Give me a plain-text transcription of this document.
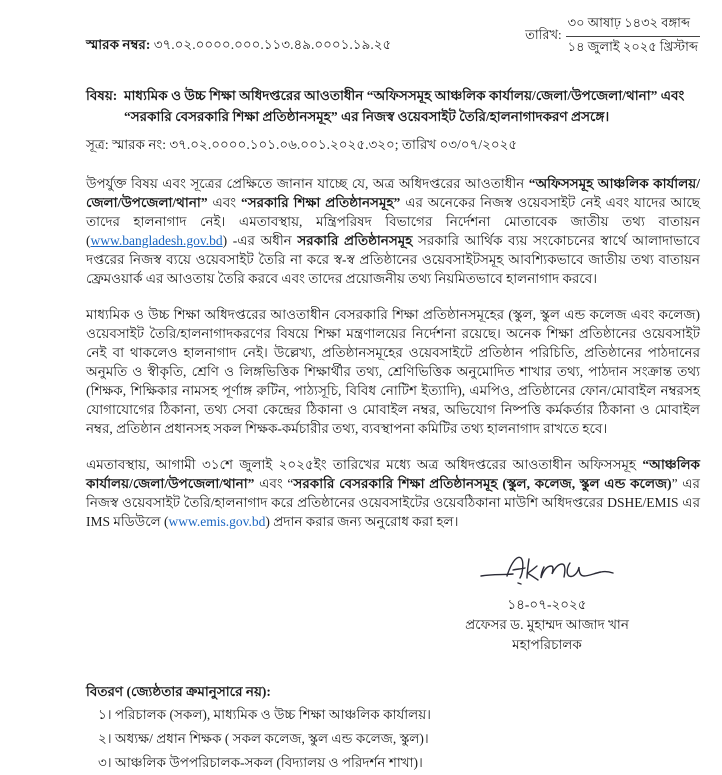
স্মারক নম্বর: ৩৭.০২.০০০০.০০০.১১৩.৪৯.০০০১.১৯.২৫
তারিখ:
৩০ আষাঢ় ১৪৩২ বঙ্গাব্দ
১৪ জুলাই ২০২৫ খ্রিস্টাব্দ
বিষয়: মাধ্যমিক ও উচ্চ শিক্ষা অধিদপ্তরের আওতাধীন “অফিসসমূহ আঞ্চলিক কার্যালয়/জেলা/উপজেলা/থানা” এবং “সরকারি বেসরকারি শিক্ষা প্রতিষ্ঠানসমূহ” এর নিজস্ব ওয়েবসাইট তৈরি/হালনাগাদকরণ প্রসঙ্গে।
সূত্র: স্মারক নং: ৩৭.০২.০০০০.১০১.০৬.০০১.২০২৫.৩২০; তারিখ ০৩/০৭/২০২৫
উপর্যুক্ত বিষয় এবং সূত্রের প্রেক্ষিতে জানান যাচ্ছে যে, অত্র অধিদপ্তরের আওতাধীন “অফিসসমূহ আঞ্চলিক কার্যালয়/জেলা/উপজেলা/থানা” এবং “সরকারি শিক্ষা প্রতিষ্ঠানসমূহ” এর অনেকের নিজস্ব ওয়েবসাইট নেই এবং যাদের আছে তাদের হালনাগাদ নেই। এমতাবস্থায়, মন্ত্রিপরিষদ বিভাগের নির্দেশনা মোতাবেক জাতীয় তথ্য বাতায়ন (www.bangladesh.gov.bd) -এর অধীন সরকারি প্রতিষ্ঠানসমূহ সরকারি আর্থিক ব্যয় সংকোচনের স্বার্থে আলাদাভাবে দপ্তরের নিজস্ব ব্যয়ে ওয়েবসাইট তৈরি না করে স্ব-স্ব প্রতিষ্ঠানের ওয়েবসাইটসমূহ আবশ্যিকভাবে জাতীয় তথ্য বাতায়ন ফ্রেমওয়ার্ক এর আওতায় তৈরি করবে এবং তাদের প্রয়োজনীয় তথ্য নিয়মিতভাবে হালনাগাদ করবে।
মাধ্যমিক ও উচ্চ শিক্ষা অধিদপ্তরের আওতাধীন বেসরকারি শিক্ষা প্রতিষ্ঠানসমূহের (স্কুল, স্কুল এন্ড কলেজ এবং কলেজ) ওয়েবসাইট তৈরি/হালনাগাদকরণের বিষয়ে শিক্ষা মন্ত্রণালয়ের নির্দেশনা রয়েছে। অনেক শিক্ষা প্রতিষ্ঠানের ওয়েবসাইট নেই বা থাকলেও হালনাগাদ নেই। উল্লেখ্য, প্রতিষ্ঠানসমূহের ওয়েবসাইটে প্রতিষ্ঠান পরিচিতি, প্রতিষ্ঠানের পাঠদানের অনুমতি ও স্বীকৃতি, শ্রেণি ও লিঙ্গভিত্তিক শিক্ষার্থীর তথ্য, শ্রেণিভিত্তিক অনুমোদিত শাখার তথ্য, পাঠদান সংক্রান্ত তথ্য (শিক্ষক, শিক্ষিকার নামসহ পূর্ণাঙ্গ রুটিন, পাঠ্যসূচি, বিবিধ নোটিশ ইত্যাদি), এমপিও, প্রতিষ্ঠানের ফোন/মোবাইল নম্বরসহ যোগাযোগের ঠিকানা, তথ্য সেবা কেন্দ্রের ঠিকানা ও মোবাইল নম্বর, অভিযোগ নিষ্পত্তি কর্মকর্তার ঠিকানা ও মোবাইল নম্বর, প্রতিষ্ঠান প্রধানসহ সকল শিক্ষক-কর্মচারীর তথ্য, ব্যবস্থাপনা কমিটির তথ্য হালনাগাদ রাখতে হবে।
এমতাবস্থায়, আগামী ৩১শে জুলাই ২০২৫ইং তারিখের মধ্যে অত্র অধিদপ্তরের আওতাধীন অফিসসমূহ “আঞ্চলিক কার্যালয়/জেলা/উপজেলা/থানা” এবং “সরকারি বেসরকারি শিক্ষা প্রতিষ্ঠানসমূহ (স্কুল, কলেজ, স্কুল এন্ড কলেজ)” এর নিজস্ব ওয়েবসাইট তৈরি/হালনাগাদ করে প্রতিষ্ঠানের ওয়েবসাইটের ওয়েবঠিকানা মাউশি অধিদপ্তরের DSHE/EMIS এর IMS মডিউলে (www.emis.gov.bd) প্রদান করার জন্য অনুরোধ করা হল।
১৪-০৭-২০২৫
প্রফেসর ড. মুহাম্মদ আজাদ খান
মহাপরিচালক
বিতরণ (জ্যেষ্ঠতার ক্রমানুসারে নয়):
১। পরিচালক (সকল), মাধ্যমিক ও উচ্চ শিক্ষা আঞ্চলিক কার্যালয়।
২। অধ্যক্ষ/ প্রধান শিক্ষক ( সকল কলেজ, স্কুল এন্ড কলেজ, স্কুল)।
৩। আঞ্চলিক উপপরিচালক-সকল (বিদ্যালয় ও পরিদর্শন শাখা)।
